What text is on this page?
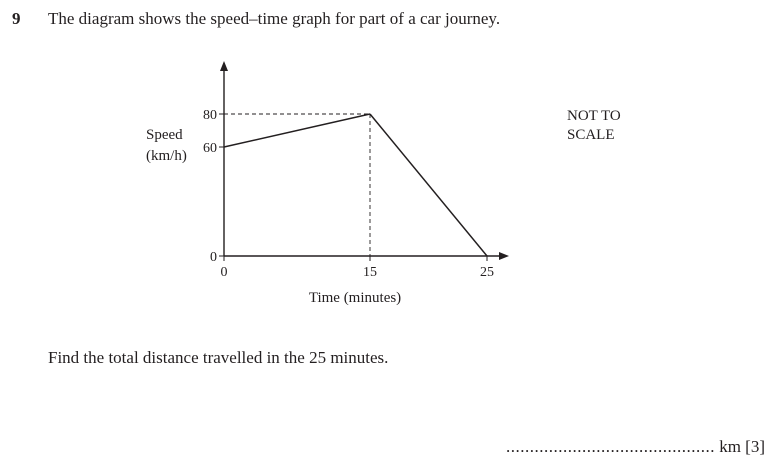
9 The diagram shows the speed–time graph for part of a car journey.
0	15	25
0
60
80
Speed
(km/h)
Time (minutes)
NOT TO
SCALE
Find the total distance travelled in the 25 minutes.
............................................ km [3]
